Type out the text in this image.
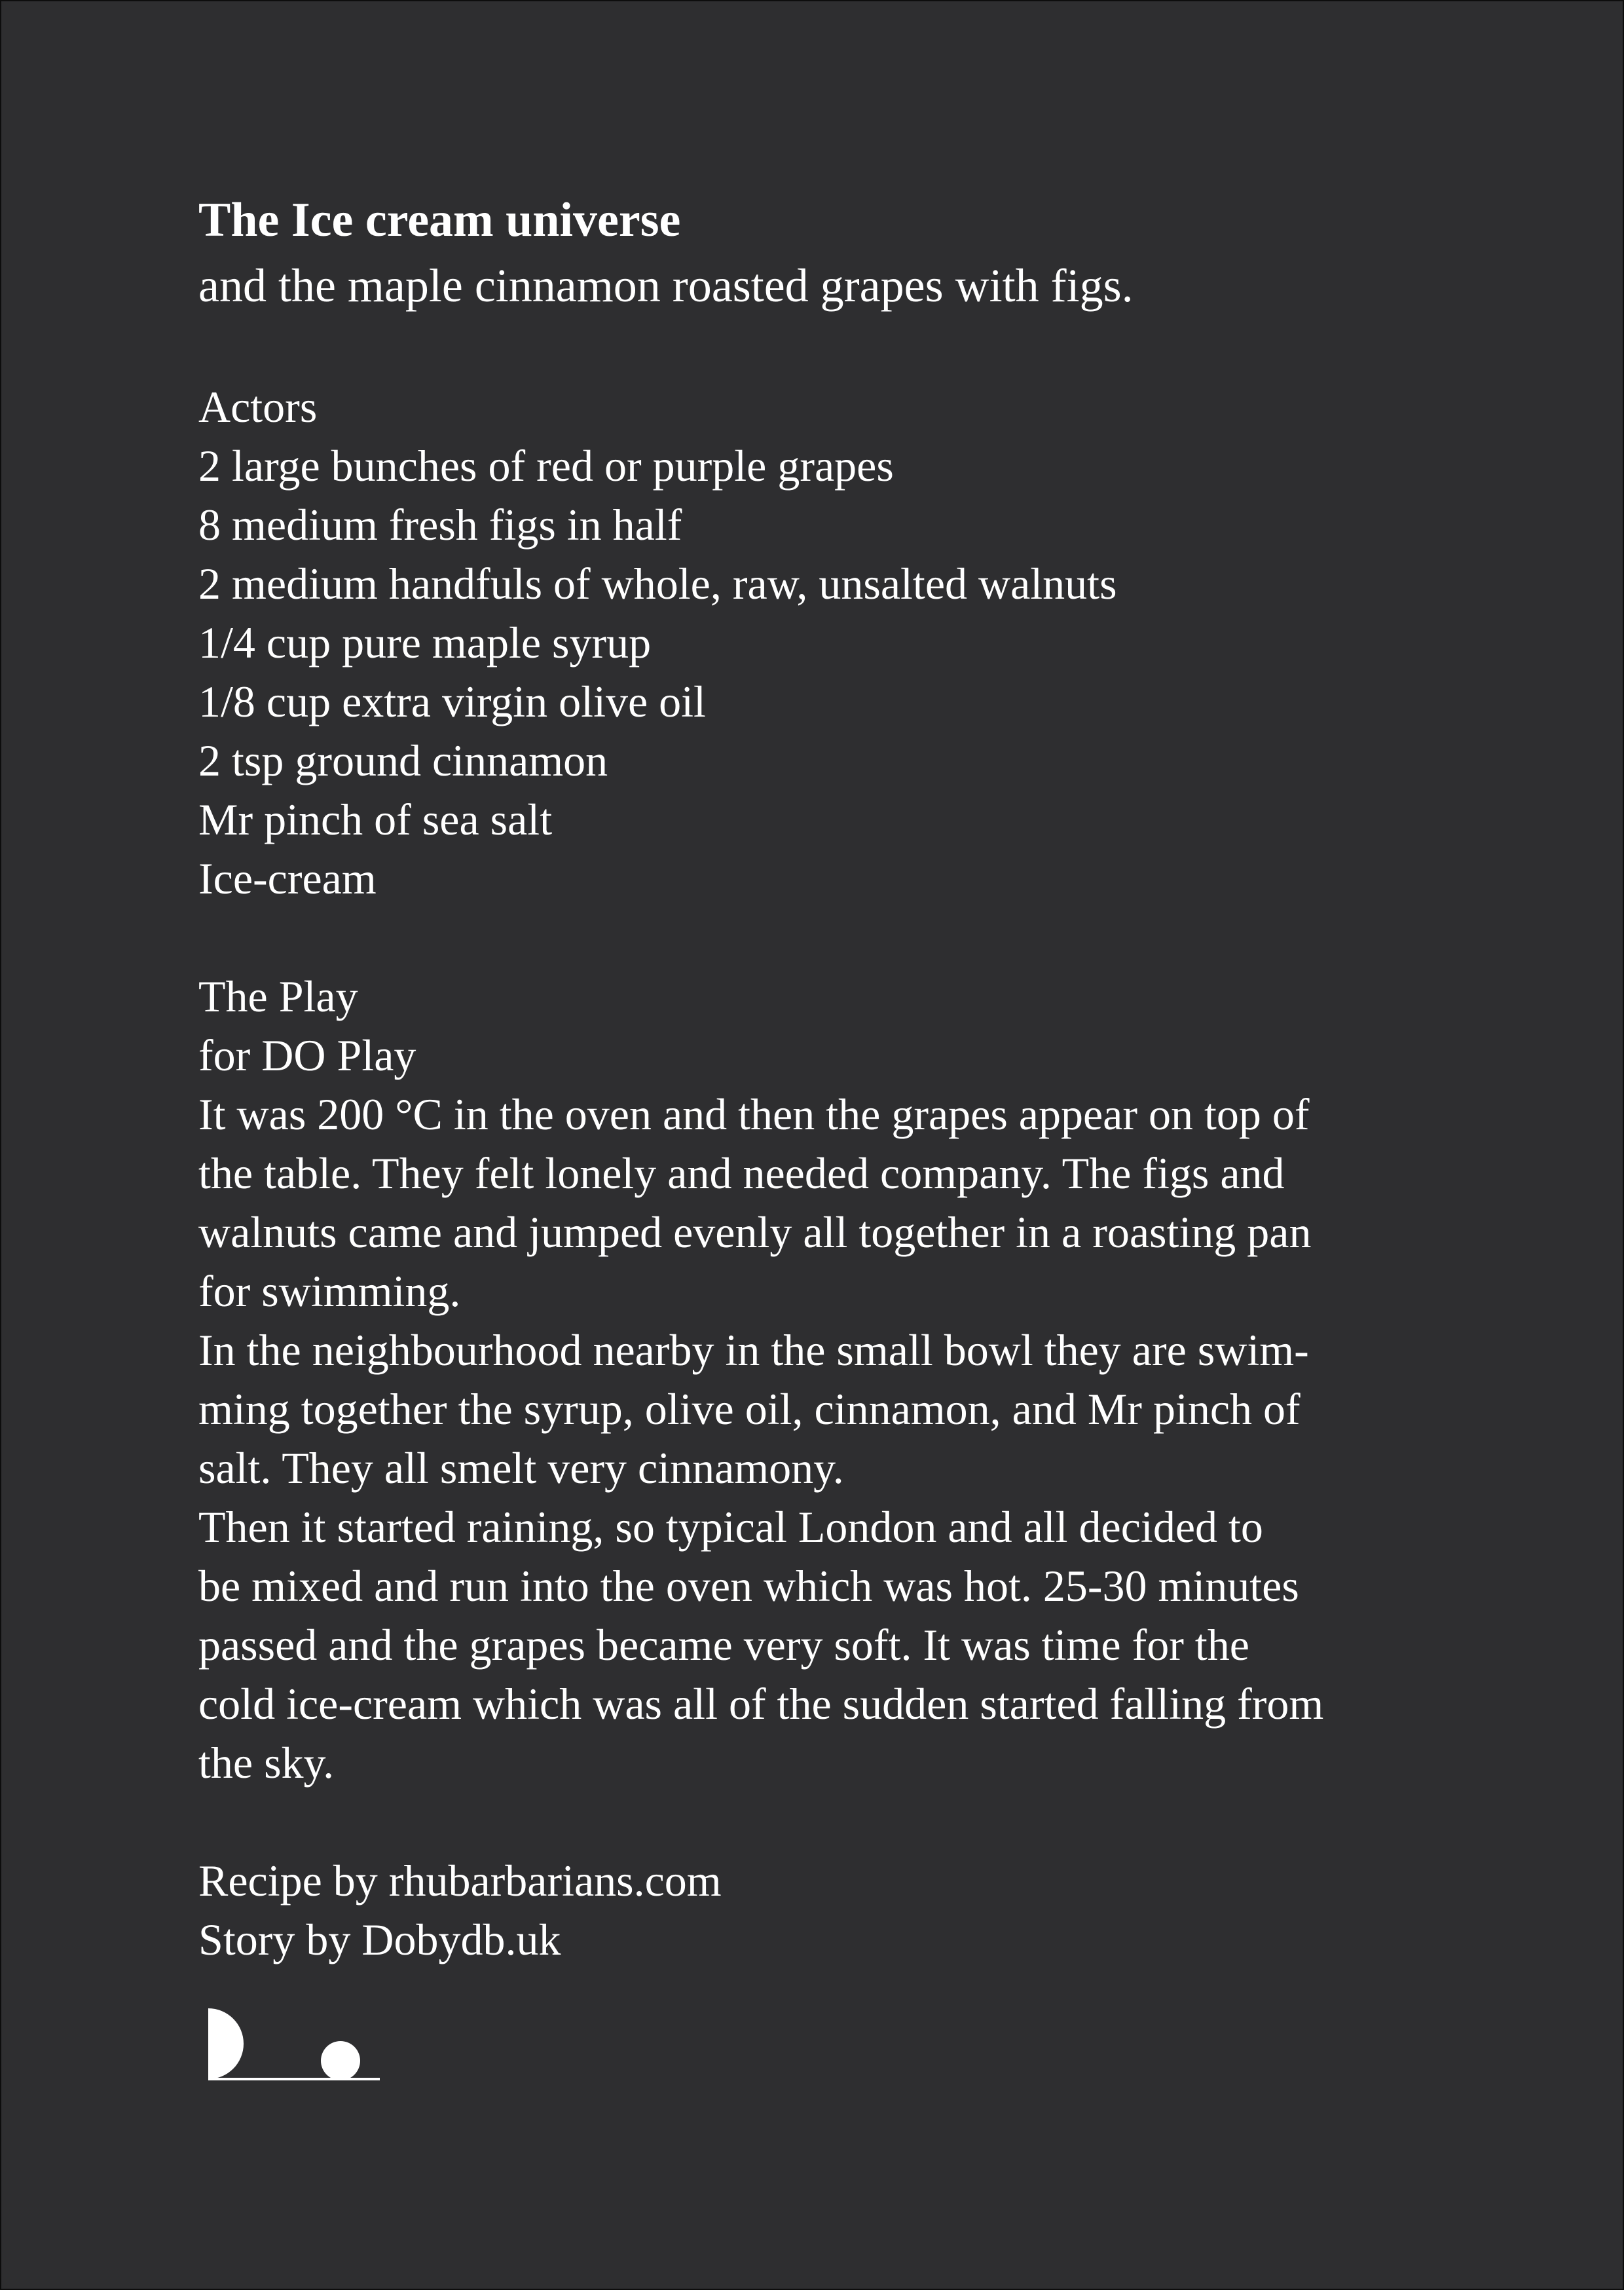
The Ice cream universe

and the maple cinnamon roasted grapes with figs.

Actors

2 large bunches of red or purple grapes

8 medium fresh figs in half

2 medium handfuls of whole, raw, unsalted walnuts

1/4 cup pure maple syrup

1/8 cup extra virgin olive oil

2 tsp ground cinnamon

Mr pinch of sea salt

Ice-cream

The Play

for DO Play

It was 200 °C in the oven and then the grapes appear on top of

the table. They felt lonely and needed company. The figs and

walnuts came and jumped evenly all together in a roasting pan

for swimming.

In the neighbourhood nearby in the small bowl they are swim-

ming together the syrup, olive oil, cinnamon, and Mr pinch of

salt. They all smelt very cinnamony.

Then it started raining, so typical London and all decided to

be mixed and run into the oven which was hot. 25-30 minutes

passed and the grapes became very soft. It was time for the

cold ice-cream which was all of the sudden started falling from

the sky.

Recipe by rhubarbarians.com

Story by Dobydb.uk
